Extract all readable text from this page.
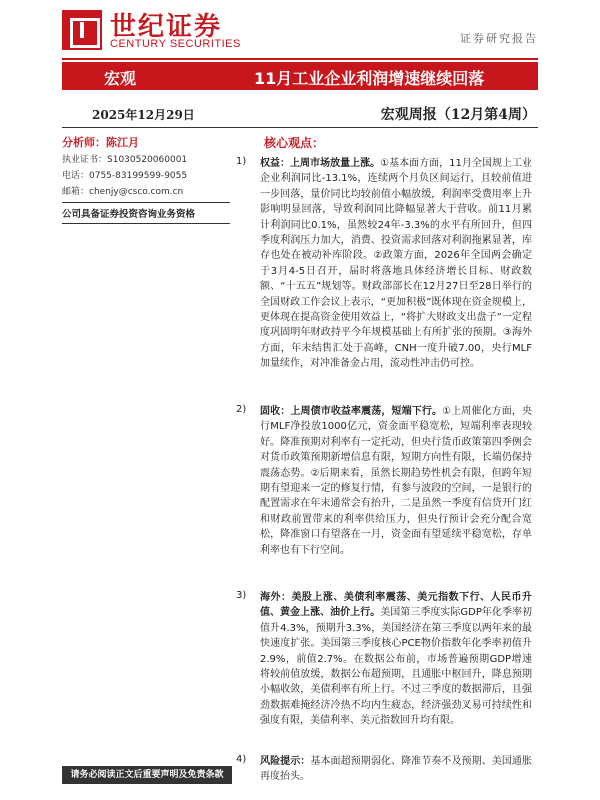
世纪证券
CENTURY SECURITIES	证券研究报告
宏观	11月工业企业利润增速继续回落
2025年12月29日	宏观周报（12月第4周）
分析师：陈江月
执业证书：S1030520060001
电话：0755-83199599-9055
邮箱：chenjy@csco.com.cn
公司具备证券投资咨询业务资格
核心观点：
1) 权益：上周市场放量上涨。①基本面方面，11月全国规上工业企业利润同比-13.1%，连续两个月负区间运行，且较前值进一步回落，量价同比均较前值小幅放缓，利润率受费用率上升影响明显回落，导致利润同比降幅显著大于营收。前11月累计利润同比0.1%，虽然较24年-3.3%的水平有所回升，但四季度利润压力加大，消费、投资需求回落对利润拖累显著，库存也处在被动补库阶段。②政策方面，2026年全国两会确定于3月4-5日召开，届时将落地具体经济增长目标、财政数额、“十五五”规划等。财政部部长在12月27日至28日举行的全国财政工作会议上表示，“更加积极”既体现在资金规模上，更体现在提高资金使用效益上，“将扩大财政支出盘子”一定程度巩固明年财政持平今年规模基础上有所扩张的预期。③海外方面，年末结售汇处于高峰，CNH一度升破7.00，央行MLF加量续作，对冲准备金占用，流动性冲击仍可控。
2) 固收：上周债市收益率震荡，短端下行。①上周催化方面，央行MLF净投放1000亿元，资金面平稳宽松，短端利率表现较好。降准预期对利率有一定托动，但央行货币政策第四季例会对货币政策预期新增信息有限，短期方向性有限，长端仍保持震荡态势。②后期来看，虽然长期趋势性机会有限，但跨年短期有望迎来一定的修复行情，有参与波段的空间，一是银行的配置需求在年末通常会有抬升，二是虽然一季度有信贷开门红和财政前置带来的利率供给压力，但央行预计会充分配合宽松，降准窗口有望落在一月，资金面有望延续平稳宽松，存单利率也有下行空间。
3) 海外：美股上涨、美债利率震荡、美元指数下行、人民币升值、黄金上涨、油价上行。美国第三季度实际GDP年化季率初值升4.3%，预期升3.3%，美国经济在第三季度以两年来的最快速度扩张。美国第三季度核心PCE物价指数年化季率初值升2.9%，前值2.7%。在数据公布前，市场普遍预期GDP增速将较前值放缓，数据公布超预期，且通胀中枢回升，降息预期小幅收敛，美债利率有所上行。不过三季度的数据滞后，且强劲数据难掩经济冷热不均内生疲态，经济强劲叉易可持续性和强度有限，美债利率、美元指数回升均有限。
4) 风险提示：基本面超预期弱化、降准节奏不及预期、美国通胀再度抬头。
请务必阅读正文后重要声明及免责条款
